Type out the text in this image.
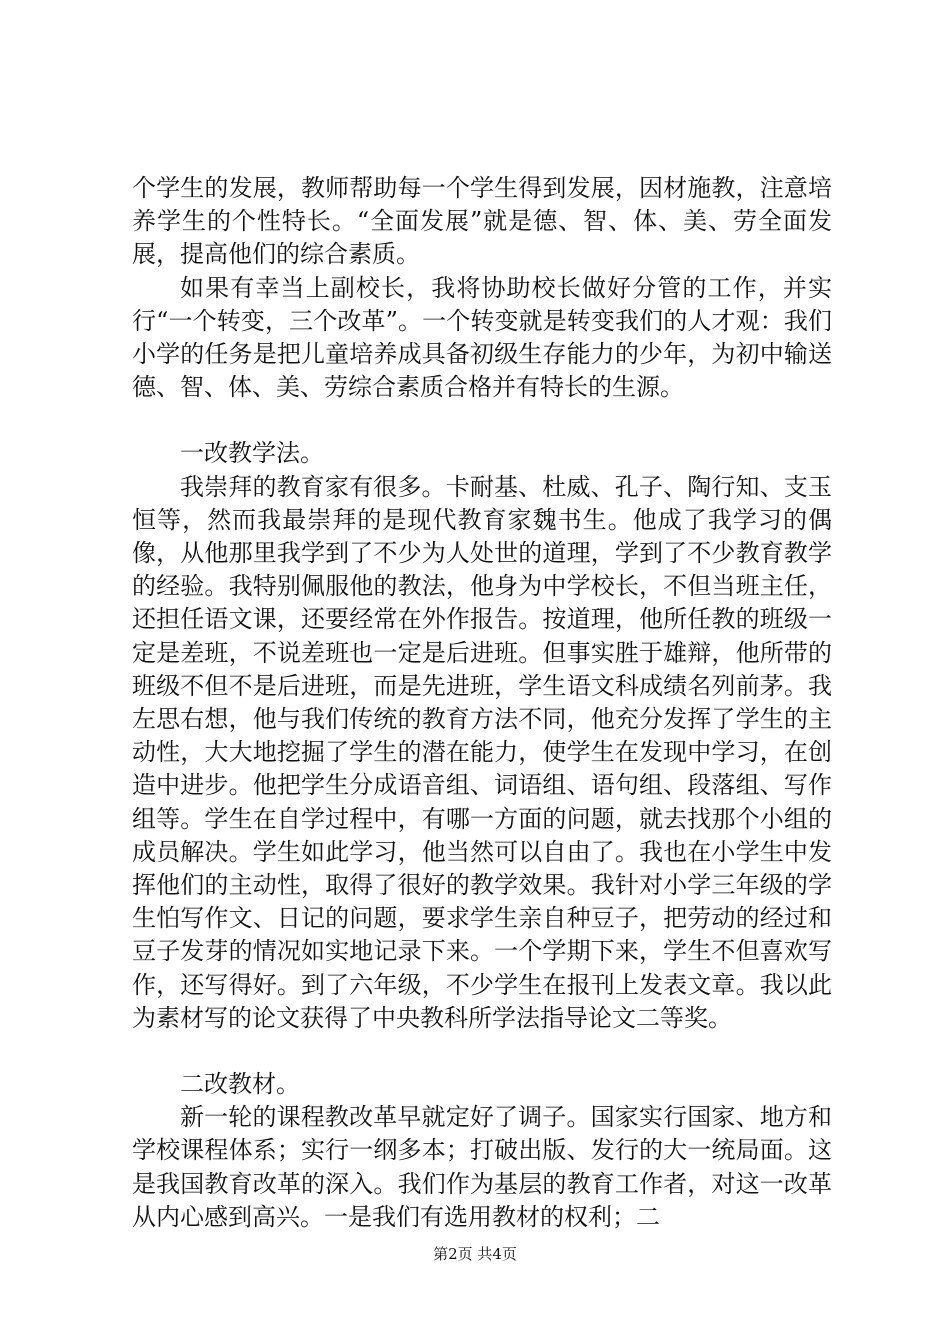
个学生的发展，教师帮助每一个学生得到发展，因材施教，注意培养学生的个性特长。“全面发展”就是德、智、体、美、劳全面发展，提高他们的综合素质。

如果有幸当上副校长，我将协助校长做好分管的工作，并实行“一个转变，三个改革”。一个转变就是转变我们的人才观：我们小学的任务是把儿童培养成具备初级生存能力的少年，为初中输送德、智、体、美、劳综合素质合格并有特长的生源。

一改教学法。

我崇拜的教育家有很多。卡耐基、杜威、孔子、陶行知、支玉恒等，然而我最崇拜的是现代教育家魏书生。他成了我学习的偶像，从他那里我学到了不少为人处世的道理，学到了不少教育教学的经验。我特别佩服他的教法，他身为中学校长，不但当班主任，还担任语文课，还要经常在外作报告。按道理，他所任教的班级一定是差班，不说差班也一定是后进班。但事实胜于雄辩，他所带的班级不但不是后进班，而是先进班，学生语文科成绩名列前茅。我左思右想，他与我们传统的教育方法不同，他充分发挥了学生的主动性，大大地挖掘了学生的潜在能力，使学生在发现中学习，在创造中进步。他把学生分成语音组、词语组、语句组、段落组、写作组等。学生在自学过程中，有哪一方面的问题，就去找那个小组的成员解决。学生如此学习，他当然可以自由了。我也在小学生中发挥他们的主动性，取得了很好的教学效果。我针对小学三年级的学生怕写作文、日记的问题，要求学生亲自种豆子，把劳动的经过和豆子发芽的情况如实地记录下来。一个学期下来，学生不但喜欢写作，还写得好。到了六年级，不少学生在报刊上发表文章。我以此为素材写的论文获得了中央教科所学法指导论文二等奖。

二改教材。

新一轮的课程教改革早就定好了调子。国家实行国家、地方和学校课程体系；实行一纲多本；打破出版、发行的大一统局面。这是我国教育改革的深入。我们作为基层的教育工作者，对这一改革从内心感到高兴。一是我们有选用教材的权利；二

第2页 共4页
